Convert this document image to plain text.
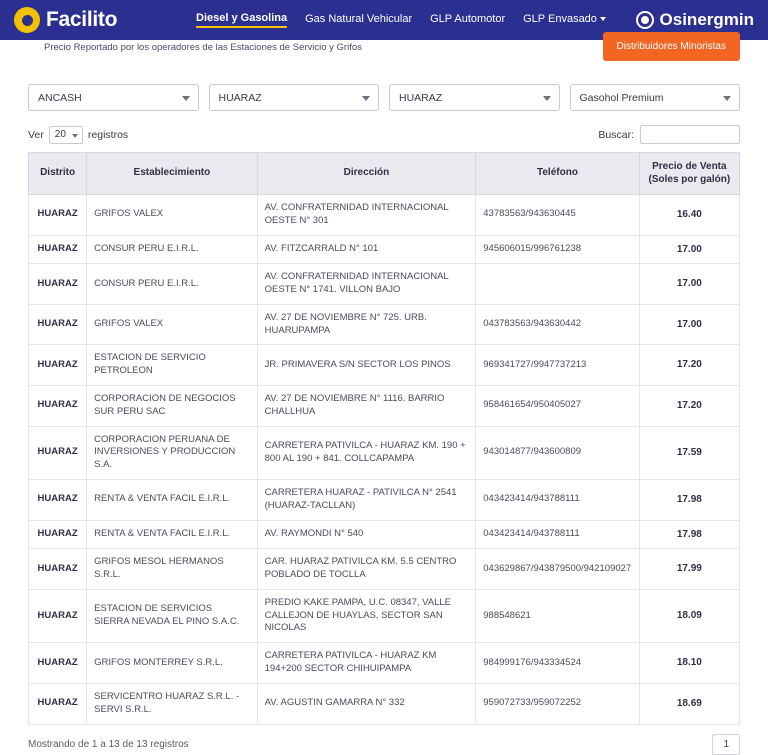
Facilito	Diesel y Gasolina Gas Natural Vehicular GLP Automotor GLP Envasado	Osinergmin
Precio Reportado por los operadores de las Estaciones de Servicio y Grifos	Distribuidores Minoristas
ANCASH	HUARAZ	HUARAZ	Gasohol Premium
Ver 20 registros	Buscar:
Distrito	Establecimiento	Dirección	Teléfono	Precio de Venta
(Soles por galón)

HUARAZ	GRIFOS VALEX	AV. CONFRATERNIDAD INTERNACIONAL OESTE N° 301	43783563/943630445	16.40
HUARAZ	CONSUR PERU E.I.R.L.	AV. FITZCARRALD N° 101	945606015/996761238	17.00
HUARAZ	CONSUR PERU E.I.R.L.	AV. CONFRATERNIDAD INTERNACIONAL OESTE N° 1741. VILLON BAJO		17.00
HUARAZ	GRIFOS VALEX	AV. 27 DE NOVIEMBRE N° 725. URB. HUARUPAMPA	043783563/943630442	17.00
HUARAZ	ESTACION DE SERVICIO PETROLEON	JR. PRIMAVERA S/N SECTOR LOS PINOS	969341727/9947737213	17.20
HUARAZ	CORPORACION DE NEGOCIOS SUR PERU SAC	AV. 27 DE NOVIEMBRE N° 1116. BARRIO CHALLHUA	958461654/950405027	17.20
HUARAZ	CORPORACION PERUANA DE INVERSIONES Y PRODUCCION S.A.	CARRETERA PATIVILCA - HUARAZ KM. 190 + 800 AL 190 + 841. COLLCAPAMPA	943014877/943600809	17.59
HUARAZ	RENTA & VENTA FACIL E.I.R.L.	CARRETERA HUARAZ - PATIVILCA N° 2541 (HUARAZ-TACLLAN)	043423414/943788111	17.98
HUARAZ	RENTA & VENTA FACIL E.I.R.L.	AV. RAYMONDI N° 540	043423414/943788111	17.98
HUARAZ	GRIFOS MESOL HERMANOS S.R.L.	CAR. HUARAZ PATIVILCA KM. 5.5 CENTRO POBLADO DE TOCLLA	043629867/943879500/942109027	17.99
HUARAZ	ESTACION DE SERVICIOS SIERRA NEVADA EL PINO S.A.C.	PREDIO KAKE PAMPA, U.C. 08347, VALLE CALLEJON DE HUAYLAS, SECTOR SAN NICOLAS	988548621	18.09
HUARAZ	GRIFOS MONTERREY S.R.L.	CARRETERA PATIVILCA - HUARAZ KM 194+200 SECTOR CHIHUIPAMPA	984999176/943334524	18.10
HUARAZ	SERVICENTRO HUARAZ S.R.L. - SERVI S.R.L.	AV. AGUSTIN GAMARRA N° 332	959072733/959072252	18.69
Mostrando de 1 a 13 de 13 registros	1
